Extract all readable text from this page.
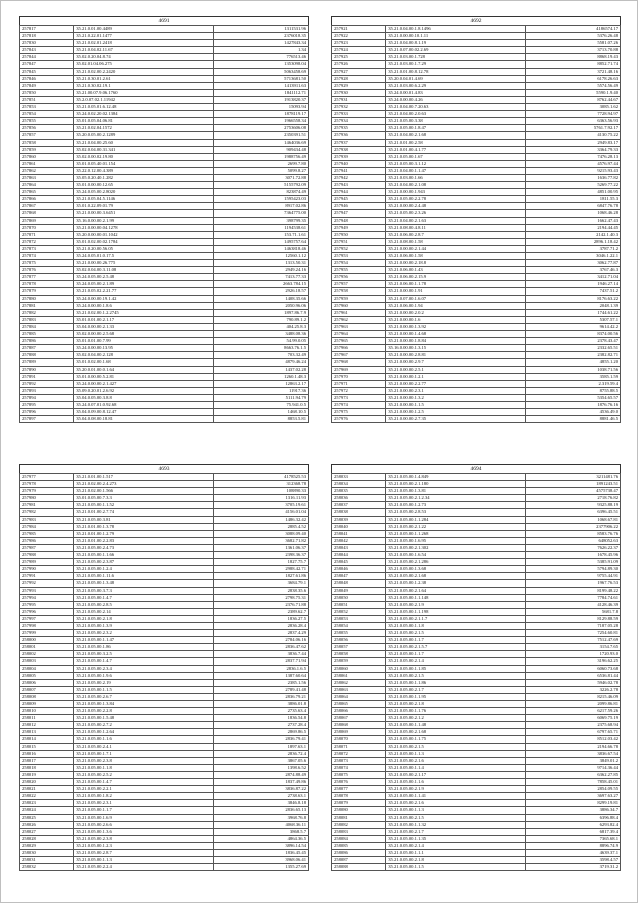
4691
257817	35.21.0.01.00.4489	1311531.96
257818	35.21.0.22.01.1477	2376018.35
257830	35.21.0.02.01.2418	1427843.34
257843	35.21.0.04.02.11.67	1.34
257844	35.02.0.20.04.8.74	776513.46
257847	35.02.01.04.06.275	1353098.04
257845	35.21.0.02.00.2.2420	5063458.69
257846	35.21.0.30.01.2.61	5713681.50
257849	35.21.0.30.02.19.1	1413911.63
257850	35.21.00.07.9.06.1760	1841112.71
257851	35.2.0.07.02.1.11942	1913820.37
257853	35.21.0.05.01.6.12.48	15093.94
257854	35.24.0.02.20.02.1384	1878119.17
257855	35.01.0.05.04.06.81	1966558.34
257856	35.21.0.02.04.1572	2753606.08
257857	35.20.0.05.00.2.1289	2350391.51
257858	35.21.0.04.00.25.60	1464036.69
257859	35.02.0.04.00.31.341	909434.48
257860	35.02.0.00.02.19.80	1988756.49
257861	35.01.0.05.40.01.154	2699.7.80
257862	35.22.0.12.00.4.389	5099.8.27
257863	35.05.0.20.40.1.282	3071.72.88
257864	35.01.0.00.00.12.65	5155792.09
257865	35.24.0.05.00.2.8020	823874.49
257866	35.21.0.05.04.5.1146	1595423.03
257867	35.01.0.22.09.01.79	8917.02.86
257868	35.21.0.00.00.3.6451	7364775.00
257869	35.16.0.00.00.2.1.99	398799.35
257870	35.21.0.00.00.04.1278	1194538.61
257871	35.20.0.00.00.01.1042	153.71.1.61
257872	35.01.0.02.00.02.1784	1495757.64
257873	35.21.0.20.00.56.05	1463818.46
257874	35.24.0.05.01.0.17.5	12560.1.12
257875	35.21.0.00.00.26.775	1313.50.31
257876	35.02.0.04.00.3.11.08	2949.24.16
257877	35.24.0.05.00.2.5.48	7413.77.33
257878	35.24.0.05.00.2.1.89	2663.784.15
257879	35.21.0.05.02.2.21.77	2926.18.57
257880	35.24.0.00.00.19.1.42	1408.35.66
257881	35.24.0.00.00.1.8.6	2050.96.06
257882	35.21.0.02.00.1.2.2745	1897.86.7.9
257883	35.01.0.01.00.2.1.17	790.89.1.2
257884	35.04.0.00.00.2.1.33	404.25.8.3
257885	35.02.0.00.00.2.5.68	3488.08.36
257886	35.01.0.01.00.7.99	54.99.0.05
257887	35.24.0.00.00.13.95	8663.76.1.5
257888	35.02.0.04.00.2.128	703.32.49
257889	35.01.0.02.00.1.68	4879.46.24
257890	35.20.0.01.00.0.1.64	1437.02.28
257891	35.01.0.00.00.5.2.81	1260.1.48.3
257892	35.24.0.00.00.2.1.427	12863.2.17
257893	35.09.0.20.01.2.6.92	11917.36
257894	35.04.0.05.00.3.8.8	5111.94.79
257895	35.24.0.07.01.0.92.68	75.941.0.5
257896	35.04.0.09.00.8.12.47	1468.10.5
257897	35.04.0.08.00.18.81	8853.5.81
4692
257921	35.21.0.04.00.1.8.1496	4186574.17
257922	35.21.0.00.00.10.1.11	5376.26.48
257923	35.21.0.04.00.8.1.19	5581.07.26
257924	35.21.0.07.00.02.2.69	3713.70.88
257925	35.21.0.03.00.1.728	8868.19.43
257926	35.21.0.03.00.1.7.29	8852.71.74
257927	35.21.0.01.00.8.12.78	3721.48.16
257928	35.20.0.04.01.4.69	6178.26.63
257929	35.21.0.03.00.6.2.29	5574.56.49
257930	35.24.0.00.01.4.83	5590.1.9.40
257931	35.24.0.00.00.4.26	8762.44.67
257932	35.21.0.04.00.7.20.63	3085.1.62
257933	35.21.0.04.00.2.0.63	7728.94.97
257934	35.21.0.05.00.3.38	6363.56.93
257935	35.21.0.05.00.1.8.47	5761.7.92.17
257936	35.21.0.04.00.2.1.68	4130.75.22
257937	35.21.0.01.00.2.58	2949.83.17
257938	35.21.0.01.00.4.1.77	3364.79.33
257939	35.21.0.05.00.1.67	7476.28.13
257940	35.21.0.05.00.3.1.12	4576.97.44
257941	35.21.0.04.00.1.1.47	9215.93.43
257942	35.21.0.03.00.1.66	1636.77.82
257943	35.21.0.04.00.2.1.08	5269.77.22
257944	35.21.0.00.00.1.943	4851.00.95
257945	35.21.0.05.00.2.2.78	1811.55.3
257946	35.21.0.00.00.2.4.48	6847.76.78
257947	35.21.0.05.00.2.3.26	1068.46.28
257948	35.21.0.04.00.2.1.63	1662.47.43
257949	35.21.0.08.00.4.8.11	2194.44.45
257950	35.21.0.06.00.2.8.7	2142.1.40.3
257951	35.21.0.08.00.1.58	2896.1.18.42
257952	35.21.0.00.00.2.1.44	3787.71.2
257953	35.21.0.06.00.1.58	3046.1.22.1
257954	35.21.0.00.00.2.18.8	3062.77.87
257955	35.21.0.06.00.1.43	3767.46.3
257956	35.21.0.06.00.2.15.9	3412.71.04
257957	35.21.0.06.00.1.1.78	1946.27.14
257958	35.21.0.00.00.1.91	7437.51.2
257959	35.21.0.07.00.1.6.07	8176.63.22
257960	35.21.0.06.00.1.94	2048.1.39
257961	35.21.0.00.00.2.0.2	1744.61.22
257962	35.21.0.00.00.1.6	5307.57.1
257963	35.21.0.00.00.1.3.92	9614.42.2
257964	35.21.0.00.00.1.4.68	8374.00.56
257965	35.21.0.00.00.1.8.84	2378.43.47
257966	35.16.0.00.00.1.3.15	2332.65.51
257967	35.21.0.00.00.2.8.81	2382.82.71
257968	35.21.0.00.00.2.9.7	4855.1.20
257969	35.21.0.00.00.2.5.1	1038.71.56
257970	35.21.0.00.00.1.2.1	3585.1.59
257971	35.21.0.00.00.2.2.77	2.319.59.4
257972	35.21.0.00.00.2.3.1	8755.88.5
257973	35.21.0.00.00.1.3.2	5354.65.57
257974	35.21.0.00.00.1.1.5	1876.76.16
257975	35.21.0.00.00.1.2.5	4536.49.0
257976	35.21.0.00.00.2.7.35	8881.46.5
4693
257977	35.21.0.01.00.1.517	4178525.53
257978	35.21.0.02.00.2.4.273	312368.78
257979	35.21.0.02.00.1.566	108890.33
257980	35.01.0.05.00.7.3.3	1316.11.93
257981	35.21.0.05.00.1.1.52	3705.19.61
257982	35.21.0.01.00.2.7.74	4156.01.04
257983	35.21.0.05.00.3.81	1486.32.42
257984	35.21.0.01.00.1.3.78	2885.4.52
257985	35.21.0.01.00.1.2.79	3088.09.40
257986	35.21.0.01.00.2.2.83	3682.71.82
257987	35.21.0.05.00.2.4.73	1361.06.37
257988	35.21.0.05.00.1.1.66	2398.36.37
257989	35.21.0.05.00.2.3.87	1827.75.7
257990	35.21.0.05.00.1.2.4	2988.42.71
257991	35.21.0.05.00.1.11.6	1827.61.86
257992	35.21.0.05.00.1.3.48	3684.79.1
257993	35.21.0.05.00.3.7.3	2838.35.6
257994	35.21.0.05.00.1.4.7	2798.75.31
257995	35.21.0.05.00.2.8.5	2376.71.88
257996	35.21.0.05.00.2.14	2389.62.7
257997	35.21.0.05.00.2.1.8	1836.27.5
257998	35.21.0.05.00.1.3.9	2836.28.4
257999	35.21.0.05.00.2.3.2	2837.4.29
258000	35.21.0.05.00.1.1.47	2784.06.16
258001	35.21.0.05.00.1.86	2836.47.62
258002	35.21.0.05.00.3.2.5	3836.7.44
258003	35.21.0.05.00.1.4.7	2837.71.94
258004	35.21.0.05.00.2.3.4	2836.1.6.5
258005	35.21.0.05.00.1.9.6	1387.60.64
258006	35.21.0.05.00.2.19	2385.1.56
258007	35.21.0.05.00.1.1.5	2789.41.48
258008	35.21.0.05.00.2.6.7	2836.79.21
258009	35.21.0.05.00.1.3.84	3886.01.8
258010	35.21.0.05.00.2.2.8	2735.63.4
258011	35.21.0.05.00.1.5.48	1836.54.8
258012	35.21.0.05.00.2.7.2	2737.28.4
258013	35.21.0.05.00.1.2.64	2869.86.5
258014	35.21.0.05.00.1.1.6	2836.79.41
258015	35.21.0.05.00.2.4.1	1897.63.1
258016	35.21.0.05.00.1.7.1	2836.72.4
258017	35.21.0.05.00.2.3.8	3867.05.6
258018	35.21.0.05.00.1.1.8	1398.6.52
258019	35.21.0.05.00.2.5.2	2874.88.49
258020	35.21.0.05.00.1.4.7	1837.49.86
258021	35.21.0.05.00.2.2.1	3836.87.22
258022	35.21.0.05.00.1.8.2	2738.63.1
258023	35.21.0.05.00.2.3.1	3846.8.18
258024	35.21.0.05.00.1.1.7	2836.65.13
258025	35.21.0.05.00.1.6.9	3968.76.8
258026	35.21.0.05.00.2.6.6	4068.36.11
258027	35.21.0.05.00.1.3.6	3868.5.7
258028	35.21.0.05.00.2.3.8	4864.36.5
258029	35.21.0.05.00.1.2.3	3896.14.54
258030	35.21.0.05.00.2.8.7	1836.45.45
258031	35.21.0.05.00.1.1.3	3968.06.41
258032	35.21.0.05.00.2.2.4	1355.27.69
4694
258033	35.21.0.05.00.1.4.849	3211481.76
258034	35.21.0.05.00.2.1.180	1891243.51
258035	35.21.0.05.00.1.3.81	4575738.47
258036	35.21.0.05.00.2.1.2.34	2718.76.82
258037	35.21.0.05.00.1.2.73	9325.88.19
258038	35.21.0.05.00.2.8.53	6396.45.51
258039	35.21.0.05.00.1.1.284	1068.67.81
258040	35.21.0.05.00.2.1.22	2377906.22
258041	35.21.0.05.00.1.1.268	8583.76.76
258042	35.21.0.05.00.1.6.95	648052.63
258043	35.21.0.05.00.2.1.302	7626.22.37
258044	35.21.0.05.00.1.6.54	1678.45.96
258045	35.21.0.05.00.2.1.286	5385.91.09
258046	35.21.0.05.00.1.3.68	5794.89.30
258047	35.21.0.05.00.2.1.68	9755.44.91
258048	35.21.0.05.00.1.2.38	1967.76.53
258049	35.21.0.05.00.2.1.64	8199.48.22
258050	35.21.0.05.00.1.1.148	7784.74.61
258051	35.21.0.05.00.2.1.9	4128.46.39
258052	35.21.0.05.00.1.1.198	5681.7.8
258053	35.21.0.05.00.2.1.1.7	8129.88.59
258054	35.21.0.05.00.1.1.8	7187.05.28
258055	35.21.0.05.00.2.1.5	7254.60.81
258056	35.21.0.05.00.1.1.7	7512.47.69
258057	35.21.0.05.00.2.1.5.7	3154.7.65
258058	35.21.0.05.00.1.1.7	1720.93.0
258059	35.21.0.05.00.2.1.4	3196.62.25
258060	35.21.0.05.00.1.1.85	6060.73.68
258061	35.21.0.05.00.2.1.5	6536.81.44
258062	35.21.0.05.00.1.1.86	5946.02.78
258063	35.21.0.05.00.2.1.7	3226.2.78
258064	35.21.0.05.00.1.1.95	8215.46.09
258065	35.21.0.05.00.2.1.8	2099.86.81
258066	35.21.0.05.00.1.1.76	6217.59.26
258067	35.21.0.05.00.2.1.2	6069.75.19
258068	35.21.0.05.00.1.1.48	2375.68.94
258069	35.21.0.05.00.2.1.68	6797.65.71
258070	35.21.0.05.00.1.1.75	8512.03.42
258071	35.21.0.05.00.2.1.5	2194.66.78
258072	35.21.0.05.00.1.1.3	3836.67.54
258073	35.21.0.05.00.2.1.6	3849.01.2
258074	35.21.0.05.00.1.1.4	9714.36.44
258075	35.21.0.05.00.2.1.17	6362.27.85
258076	35.21.0.05.00.1.1.6	7858.45.01
258077	35.21.0.05.00.2.1.9	2854.09.55
258078	35.21.0.05.00.1.1.41	3697.63.27
258079	35.21.0.05.00.2.1.6	8299.19.81
258080	35.21.0.05.00.1.1.3	3886.34.7
258081	35.21.0.05.00.2.1.5	6396.88.4
258082	35.21.0.05.00.1.1.32	6293.82.4
258083	35.21.0.05.00.2.1.7	6817.39.4
258084	35.21.0.05.00.1.1.35	7365.68.1
258085	35.21.0.05.00.2.1.4	8896.74.9
258086	35.21.0.05.00.1.1.1	4639.37.1
258087	35.21.0.05.00.2.1.8	3598.4.57
258088	35.21.0.05.00.1.1.5	3719.31.2
